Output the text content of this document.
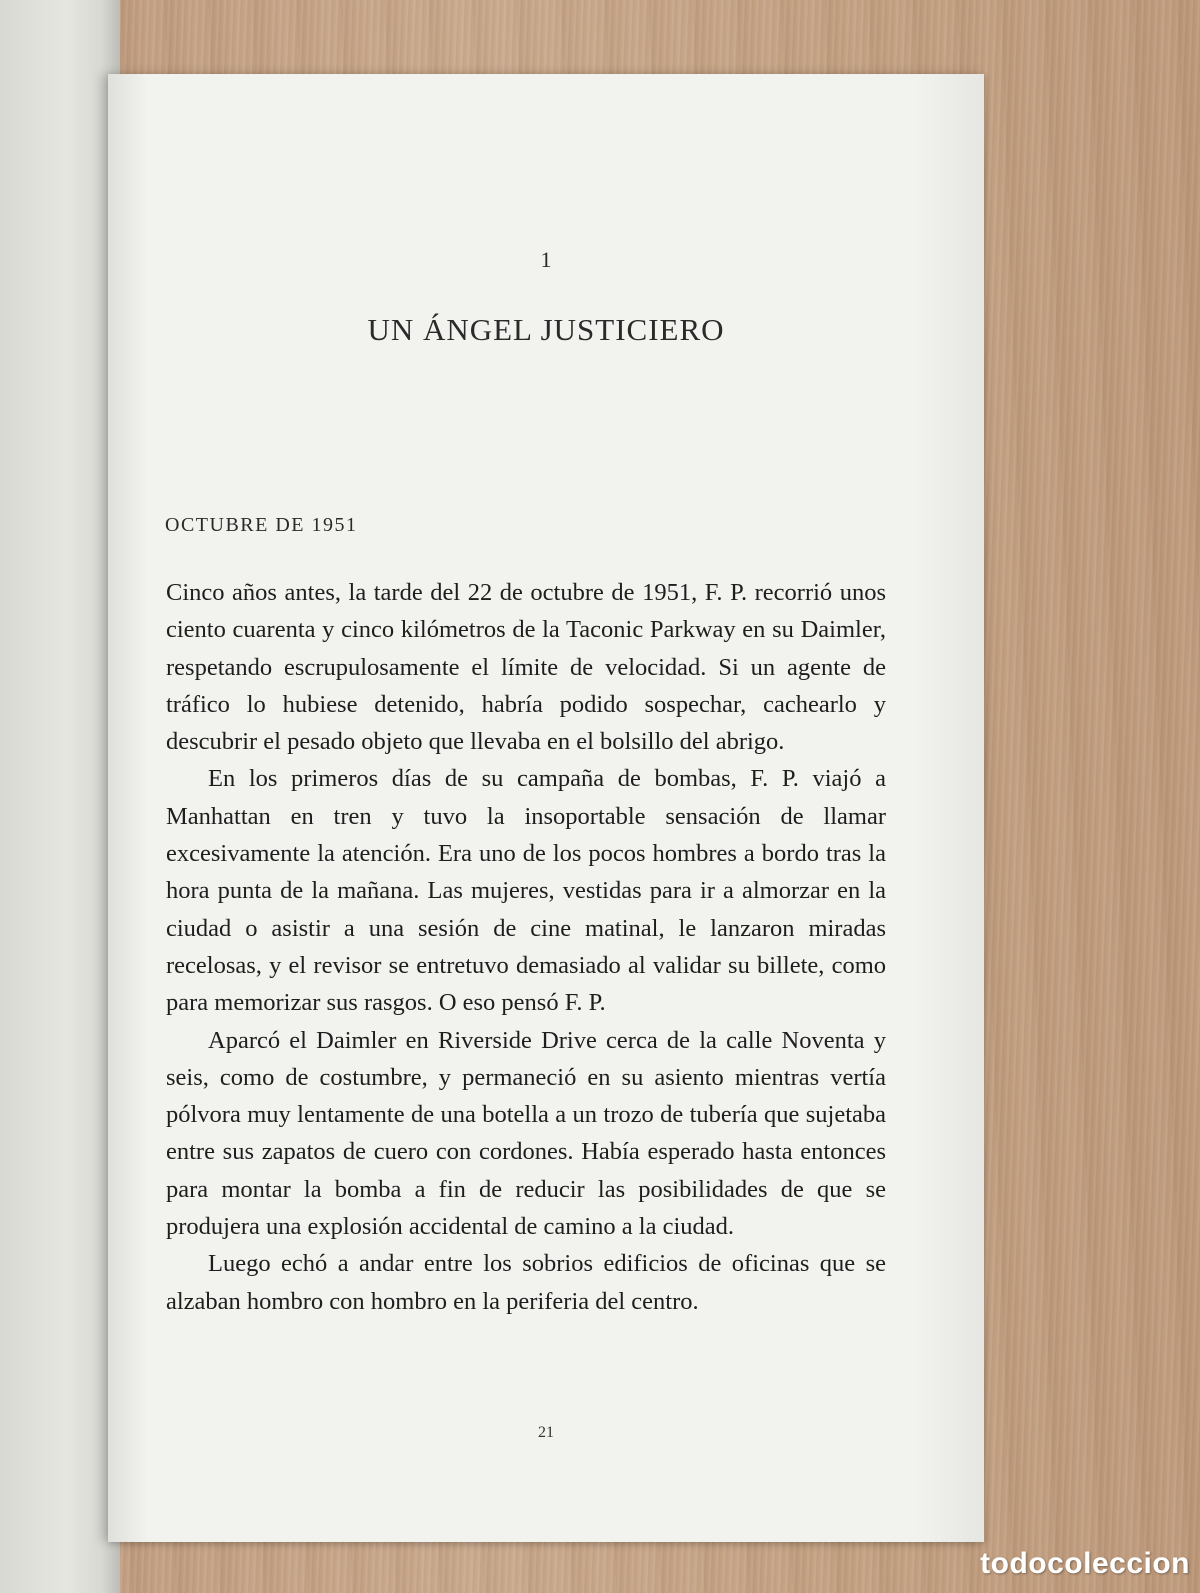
1
UN ÁNGEL JUSTICIERO
OCTUBRE DE 1951

Cinco años antes, la tarde del 22 de octubre de 1951, F. P. recorrió unos ciento cuarenta y cinco kilómetros de la Taconic Parkway en su Daimler, respetando escrupulosamente el límite de velocidad. Si un agente de tráfico lo hubiese detenido, habría podido sospechar, cachearlo y descubrir el pesado objeto que llevaba en el bolsillo del abrigo.

En los primeros días de su campaña de bombas, F. P. viajó a Manhattan en tren y tuvo la insoportable sensación de llamar excesivamente la atención. Era uno de los pocos hombres a bordo tras la hora punta de la mañana. Las mujeres, vestidas para ir a almorzar en la ciudad o asistir a una sesión de cine matinal, le lanzaron miradas recelosas, y el revisor se entretuvo demasiado al validar su billete, como para memorizar sus rasgos. O eso pensó F. P.

Aparcó el Daimler en Riverside Drive cerca de la calle Noventa y seis, como de costumbre, y permaneció en su asiento mientras vertía pólvora muy lentamente de una botella a un trozo de tubería que sujetaba entre sus zapatos de cuero con cordones. Había esperado hasta entonces para montar la bomba a fin de reducir las posibilidades de que se produjera una explosión accidental de camino a la ciudad.

Luego echó a andar entre los sobrios edificios de oficinas que se alzaban hombro con hombro en la periferia del centro.

21
todocoleccion
